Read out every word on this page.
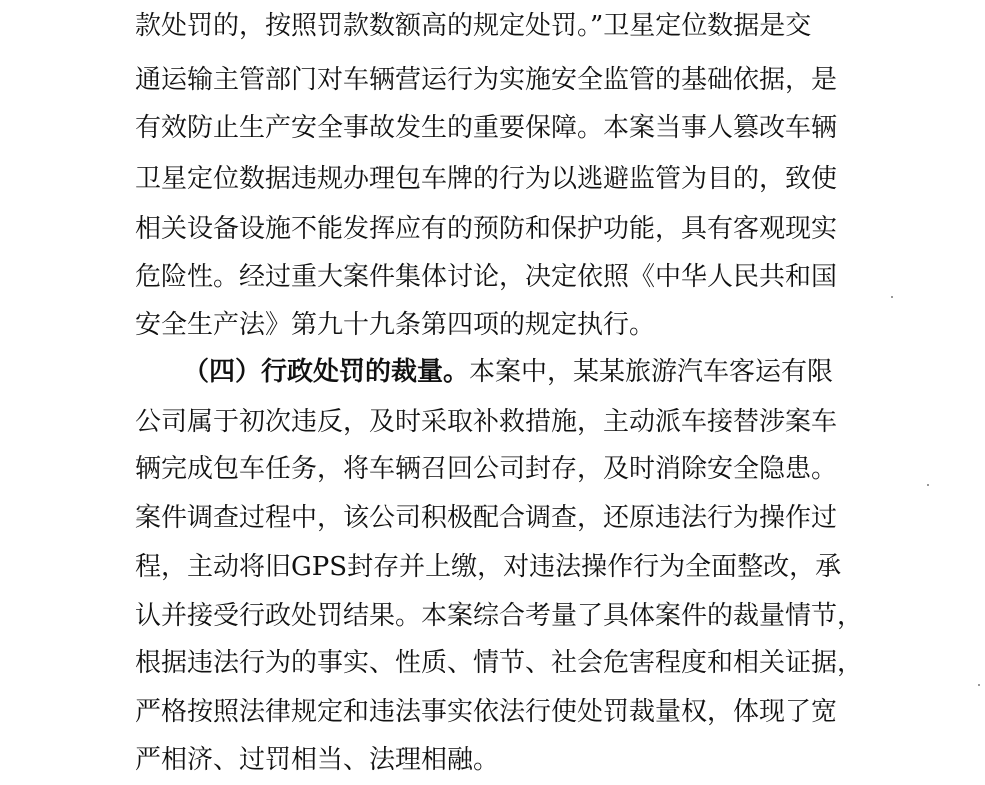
款处罚的，按照罚款数额高的规定处罚。”卫星定位数据是交
通运输主管部门对车辆营运行为实施安全监管的基础依据，是
有效防止生产安全事故发生的重要保障。本案当事人篡改车辆
卫星定位数据违规办理包车牌的行为以逃避监管为目的，致使
相关设备设施不能发挥应有的预防和保护功能，具有客观现实
危险性。经过重大案件集体讨论，决定依照《中华人民共和国
安全生产法》第九十九条第四项的规定执行。
（四）行政处罚的裁量。本案中，某某旅游汽车客运有限
公司属于初次违反，及时采取补救措施，主动派车接替涉案车
辆完成包车任务，将车辆召回公司封存，及时消除安全隐患。
案件调查过程中，该公司积极配合调查，还原违法行为操作过
程，主动将旧GPS封存并上缴，对违法操作行为全面整改，承
认并接受行政处罚结果。本案综合考量了具体案件的裁量情节，
根据违法行为的事实、性质、情节、社会危害程度和相关证据，
严格按照法律规定和违法事实依法行使处罚裁量权，体现了宽
严相济、过罚相当、法理相融。
